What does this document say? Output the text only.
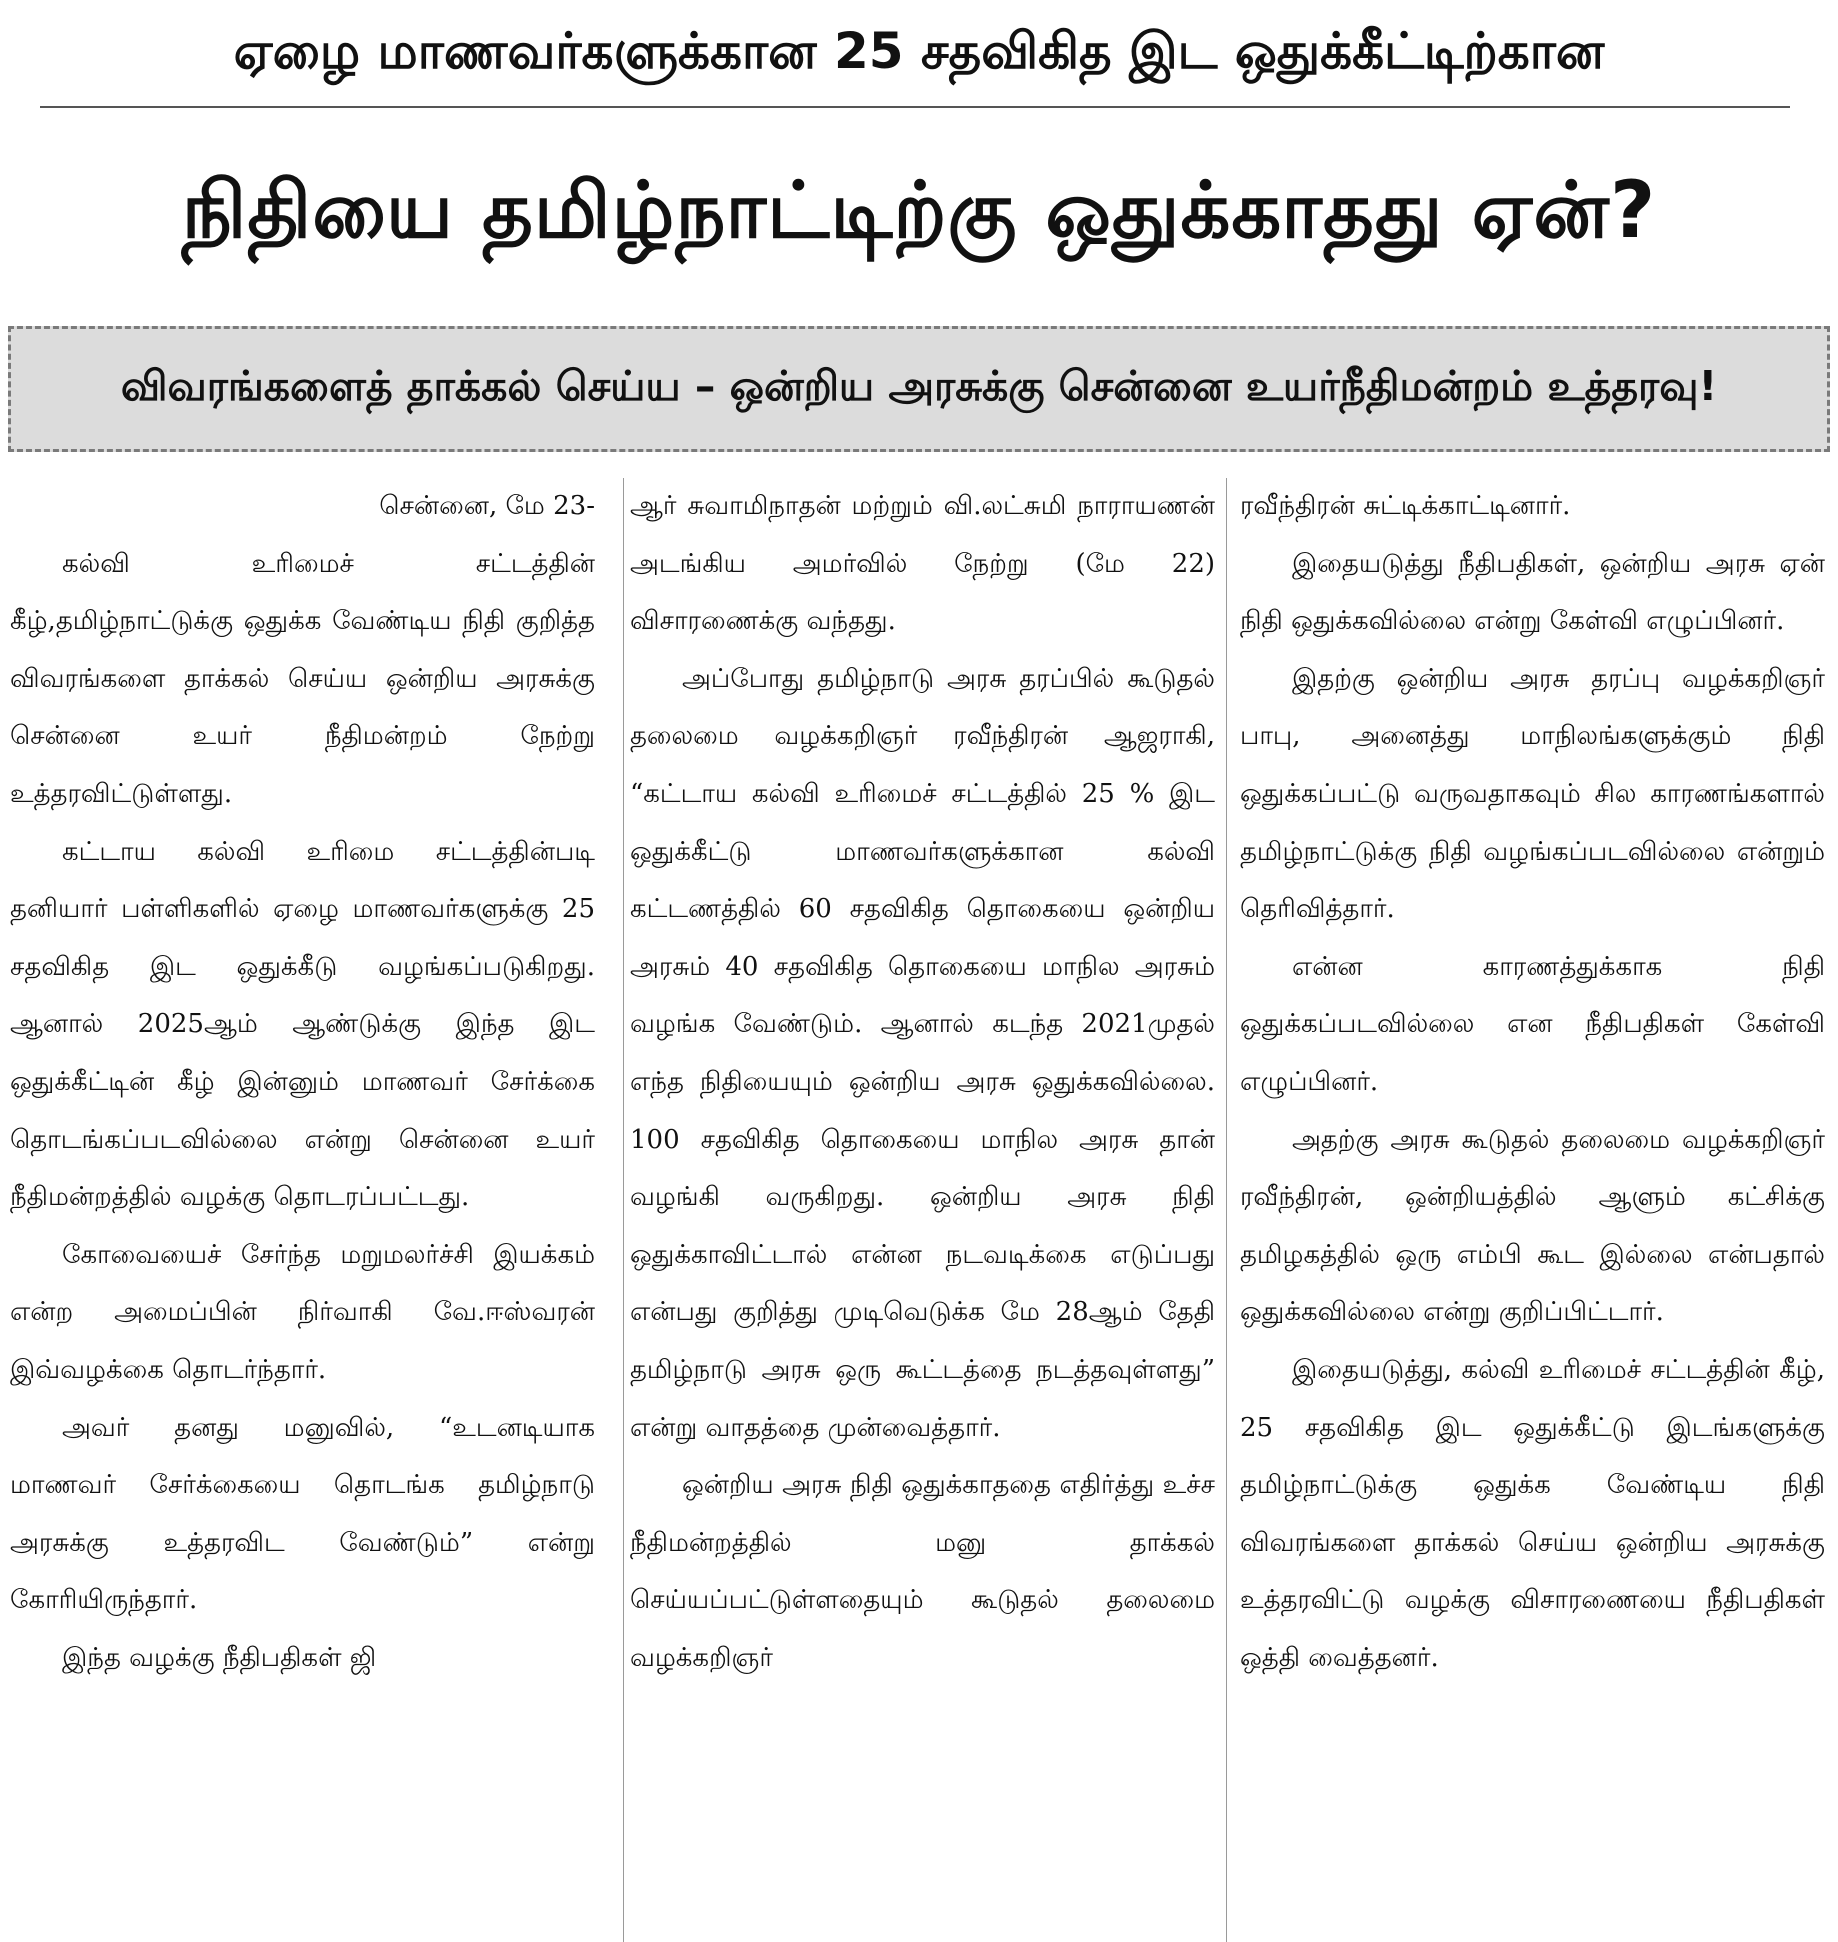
ஏழை மாணவர்களுக்கான 25 சதவிகித இட ஒதுக்கீட்டிற்கான
நிதியை தமிழ்நாட்டிற்கு ஒதுக்காதது ஏன்?
விவரங்களைத் தாக்கல் செய்ய – ஒன்றிய அரசுக்கு சென்னை உயர்நீதிமன்றம் உத்தரவு!

சென்னை, மே 23-

கல்வி உரிமைச் சட்டத்தின் கீழ்,தமிழ்நாட்டுக்கு ஒதுக்க வேண்டிய நிதி குறித்த விவரங்களை தாக்கல் செய்ய ஒன்றிய அரசுக்கு சென்னை உயர் நீதிமன்றம் நேற்று உத்தரவிட்டுள்ளது.

கட்டாய கல்வி உரிமை சட்டத்தின்படி தனியார் பள்ளிகளில் ஏழை மாணவர்களுக்கு 25 சதவிகித இட ஒதுக்கீடு வழங்கப்படுகிறது. ஆனால் 2025ஆம் ஆண்டுக்கு இந்த இட ஒதுக்கீட்டின் கீழ் இன்னும் மாணவர் சேர்க்கை தொடங்கப்படவில்லை என்று சென்னை உயர் நீதிமன்றத்தில் வழக்கு தொடரப்பட்டது.

கோவையைச் சேர்ந்த மறுமலர்ச்சி இயக்கம் என்ற அமைப்பின் நிர்வாகி வே.ஈஸ்வரன் இவ்வழக்கை தொடர்ந்தார்.

அவர் தனது மனுவில், “உடனடியாக மாணவர் சேர்க்கையை தொடங்க தமிழ்நாடு அரசுக்கு உத்தரவிட வேண்டும்” என்று கோரியிருந்தார்.

இந்த வழக்கு நீதிபதிகள் ஜி

ஆர் சுவாமிநாதன் மற்றும் வி.லட்சுமி நாராயணன் அடங்கிய அமர்வில் நேற்று (மே 22) விசாரணைக்கு வந்தது.

அப்போது தமிழ்நாடு அரசு தரப்பில் கூடுதல் தலைமை வழக்கறிஞர் ரவீந்திரன் ஆஜராகி, “கட்டாய கல்வி உரிமைச் சட்டத்தில் 25 % இட ஒதுக்கீட்டு மாணவர்களுக்கான கல்வி கட்டணத்தில் 60 சதவிகித தொகையை ஒன்றிய அரசும் 40 சதவிகித தொகையை மாநில அரசும் வழங்க வேண்டும். ஆனால் கடந்த 2021முதல் எந்த நிதியையும் ஒன்றிய அரசு ஒதுக்கவில்லை. 100 சதவிகித தொகையை மாநில அரசு தான் வழங்கி வருகிறது. ஒன்றிய அரசு நிதி ஒதுக்காவிட்டால் என்ன நடவடிக்கை எடுப்பது என்பது குறித்து முடிவெடுக்க மே 28ஆம் தேதி தமிழ்நாடு அரசு ஒரு கூட்டத்தை நடத்தவுள்ளது” என்று வாதத்தை முன்வைத்தார்.

ஒன்றிய அரசு நிதி ஒதுக்காததை எதிர்த்து உச்ச நீதிமன்றத்தில் மனு தாக்கல் செய்யப்பட்டுள்ளதையும் கூடுதல் தலைமை வழக்கறிஞர்

ரவீந்திரன் சுட்டிக்காட்டினார்.

இதையடுத்து நீதிபதிகள், ஒன்றிய அரசு ஏன் நிதி ஒதுக்கவில்லை என்று கேள்வி எழுப்பினர்.

இதற்கு ஒன்றிய அரசு தரப்பு வழக்கறிஞர் பாபு, அனைத்து மாநிலங்களுக்கும் நிதி ஒதுக்கப்பட்டு வருவதாகவும் சில காரணங்களால் தமிழ்நாட்டுக்கு நிதி வழங்கப்படவில்லை என்றும் தெரிவித்தார்.

என்ன காரணத்துக்காக நிதி ஒதுக்கப்படவில்லை என நீதிபதிகள் கேள்வி எழுப்பினர்.

அதற்கு அரசு கூடுதல் தலைமை வழக்கறிஞர் ரவீந்திரன், ஒன்றியத்தில் ஆளும் கட்சிக்கு தமிழகத்தில் ஒரு எம்பி கூட இல்லை என்பதால் ஒதுக்கவில்லை என்று குறிப்பிட்டார்.

இதையடுத்து, கல்வி உரிமைச் சட்டத்தின் கீழ், 25 சதவிகித இட ஒதுக்கீட்டு இடங்களுக்கு தமிழ்நாட்டுக்கு ஒதுக்க வேண்டிய நிதி விவரங்களை தாக்கல் செய்ய ஒன்றிய அரசுக்கு உத்தரவிட்டு வழக்கு விசாரணையை நீதிபதிகள் ஒத்தி வைத்தனர்.
